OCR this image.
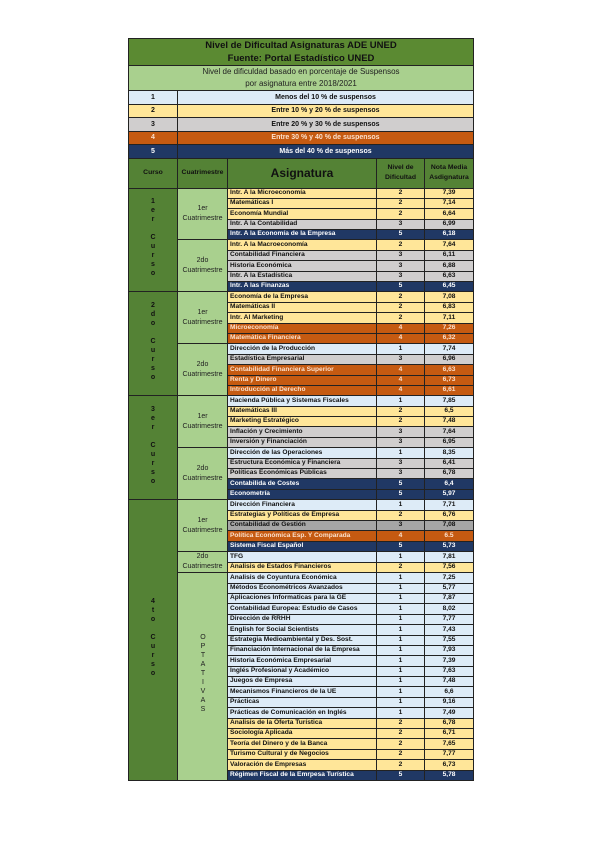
Nivel de Dificultad Asignaturas ADE UNED
Fuente: Portal Estadístico UNED				

Nivel de dificuldad basado en porcentaje de Suspensos
por asignatura entre 2018/2021				

1	Menos del 10 % de suspensos			
2	Entre 10 % y 20 % de suspensos			
3	Entre 20 % y 30 % de suspensos			
4	Entre 30 % y 40 % de suspensos			
5	Más del 40 % de suspensos			
Curso	Cuatrimestre	Asignatura	Nivel de Dificultad	Nota Media Asdignatura
1er Curso	1er Cuatrimestre	Intr. A la Microeconomía	2	7,39
		Matemáticas I	2	7,14
		Economía Mundial	2	6,64
		Intr. A la Contabilidad	3	6,99
		Intr. A la Economía de la Empresa	5	6,18
	2do Cuatrimestre	Intr. A la Macroeconomía	2	7,64
		Contabilidad Financiera	3	6,11
		Historia Económica	3	6,88
		Intr. A la Estadística	3	6,63
		Intr. A las Finanzas	5	6,45
2do Curso	1er Cuatrimestre	Economía de la Empresa	2	7,08
		Matemáticas II	2	6,83
		Intr. Al Marketing	2	7,11
		Microeconomía	4	7,26
		Matemática Financiera	4	6,32
	2do Cuatrimestre	Dirección de la Producción	1	7,74
		Estadística Empresarial	3	6,96
		Contabilidad Financiera Superior	4	6,63
		Renta y Dinero	4	6,73
		Introducción al Derecho	4	6,61
3er Curso	1er Cuatrimestre	Hacienda Pública y Sistemas Fiscales	1	7,85
		Matemáticas III	2	6,5
		Marketing Estratégico	2	7,48
		Inflación y Crecimiento	3	7,64
		Inversión y Financiación	3	6,95
	2do Cuatrimestre	Dirección de las Operaciones	1	8,35
		Estructura Económica y Financiera	3	6,41
		Políticas Económicas Públicas	3	6,78
		Contabilida de Costes	5	6,4
		Econometría	5	5,97
4to Curso	1er Cuatrimestre	Dirección Financiera	1	7,71
		Estrategias y Políticas de Empresa	2	6,76
		Contabilidad de Gestión	3	7,08
		Política Económica Esp. Y Comparada	4	6.5
		Sistema Fiscal Español	5	5,73
	2do Cuatrimestre	TFG	1	7,81
		Analisis de Estados Financieros	2	7,56
	OPTATIVAS	Analisis de Coyuntura Económica	1	7,25
		Métodos Econométricos Avanzados	1	5,77
		Aplicaciones Informaticas para la GE	1	7,87
		Contabilidad Europea: Estudio de Casos	1	8,02
		Dirección de RRHH	1	7,77
		English for Social Scientists	1	7,43
		Estrategia Medioambiental y Des. Sost.	1	7,55
		Financiación Internacional de la Empresa	1	7,93
		Historia Económica Empresarial	1	7,39
		Inglés Profesional y Académico	1	7,63
		Juegos de Empresa	1	7,48
		Mecanismos Financieros de la UE	1	6,6
		Prácticas	1	9,16
		Prácticas de Comunicación en Inglés	1	7,49
		Analisis de la Oferta Turística	2	6,78
		Sociología Aplicada	2	6,71
		Teoría del Dinero y de la Banca	2	7,65
		Turismo Cultural y de Negocios	2	7,77
		Valoración de Empresas	2	6,73
		Régimen Fiscal de la Emrpesa Turística	5	5,78
